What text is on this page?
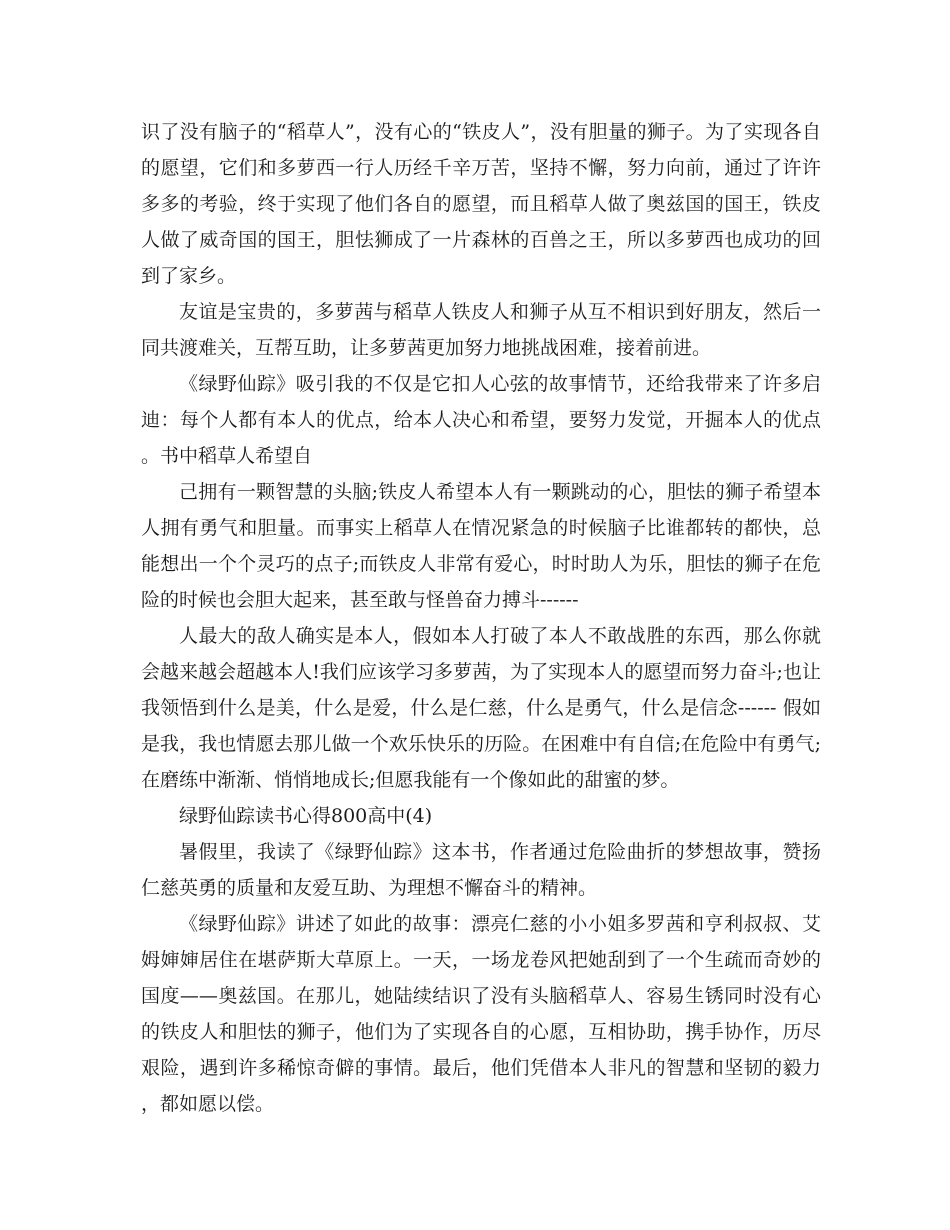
识了没有脑子的“稻草人”，没有心的“铁皮人”，没有胆量的狮子。为了实现各自的愿望，它们和多萝西一行人历经千辛万苦，坚持不懈，努力向前，通过了许许多多的考验，终于实现了他们各自的愿望，而且稻草人做了奥兹国的国王，铁皮人做了威奇国的国王，胆怯狮成了一片森林的百兽之王，所以多萝西也成功的回到了家乡。

友谊是宝贵的，多萝茜与稻草人铁皮人和狮子从互不相识到好朋友，然后一同共渡难关，互帮互助，让多萝茜更加努力地挑战困难，接着前进。

《绿野仙踪》吸引我的不仅是它扣人心弦的故事情节，还给我带来了许多启迪：每个人都有本人的优点，给本人决心和希望，要努力发觉，开掘本人的优点。书中稻草人希望自

己拥有一颗智慧的头脑;铁皮人希望本人有一颗跳动的心，胆怯的狮子希望本人拥有勇气和胆量。而事实上稻草人在情况紧急的时候脑子比谁都转的都快，总能想出一个个灵巧的点子;而铁皮人非常有爱心，时时助人为乐，胆怯的狮子在危险的时候也会胆大起来，甚至敢与怪兽奋力搏斗------

人最大的敌人确实是本人，假如本人打破了本人不敢战胜的东西，那么你就会越来越会超越本人!我们应该学习多萝茜，为了实现本人的愿望而努力奋斗;也让我领悟到什么是美，什么是爱，什么是仁慈，什么是勇气，什么是信念------ 假如是我，我也情愿去那儿做一个欢乐快乐的历险。在困难中有自信;在危险中有勇气;在磨练中渐渐、悄悄地成长;但愿我能有一个像如此的甜蜜的梦。

绿野仙踪读书心得800高中(4)

暑假里，我读了《绿野仙踪》这本书，作者通过危险曲折的梦想故事，赞扬仁慈英勇的质量和友爱互助、为理想不懈奋斗的精神。

《绿野仙踪》讲述了如此的故事：漂亮仁慈的小小姐多罗茜和亨利叔叔、艾姆婶婶居住在堪萨斯大草原上。一天，一场龙卷风把她刮到了一个生疏而奇妙的国度——奥兹国。在那儿，她陆续结识了没有头脑稻草人、容易生锈同时没有心的铁皮人和胆怯的狮子，他们为了实现各自的心愿，互相协助，携手协作，历尽艰险，遇到许多稀惊奇僻的事情。最后，他们凭借本人非凡的智慧和坚韧的毅力，都如愿以偿。
